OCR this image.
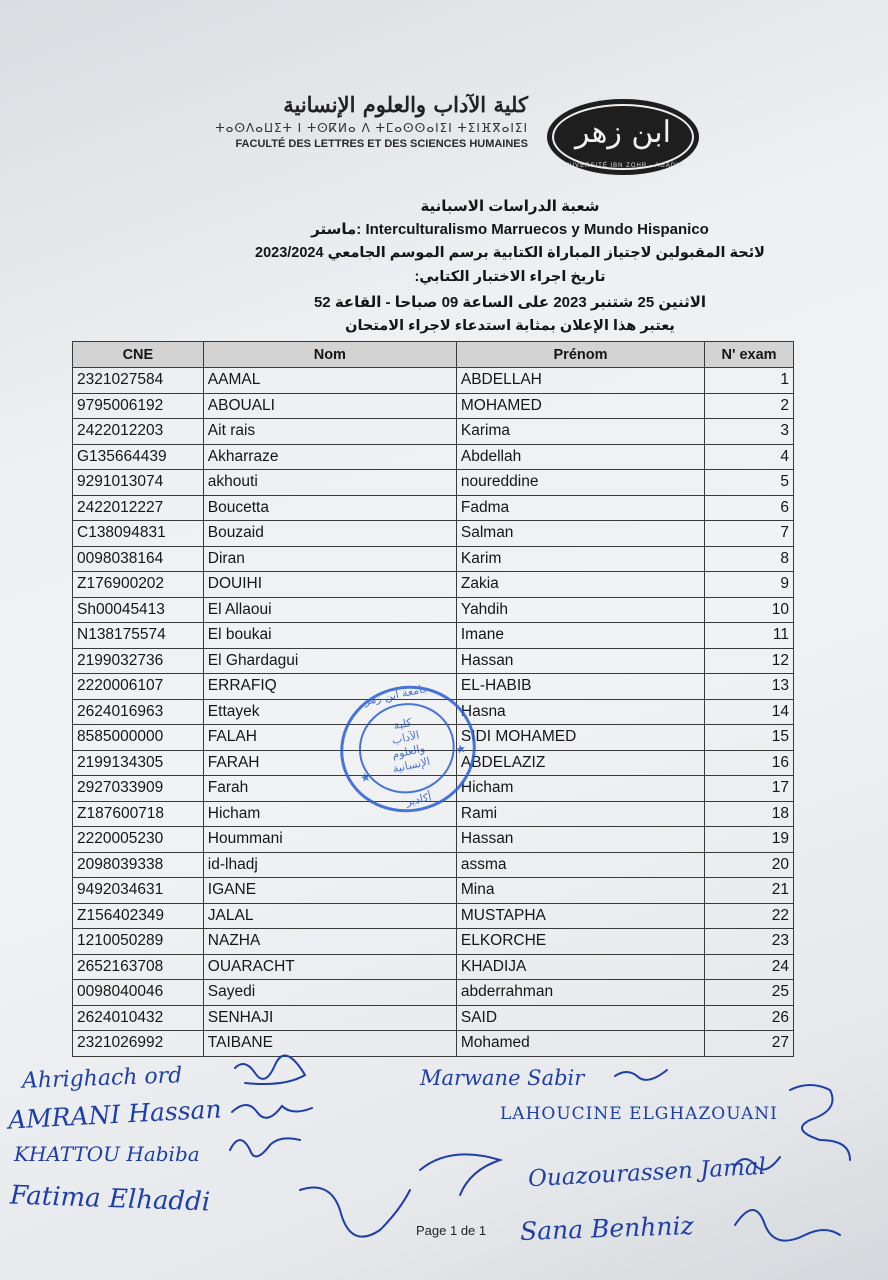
كلية الآداب والعلوم الإنسانية
ⵜⴰⵙⴷⴰⵡⵉⵜ ⵏ ⵜⵙⴽⵍⴰ ⴷ ⵜⵎⴰⵙⵙⴰⵏⵉⵏ ⵜⵉⵏⴼⴳⴰⵏⵉⵏ
FACULTÉ DES LETTRES ET DES SCIENCES HUMAINES	ابن زهر
UNIVERSITÉ IBN ZOHR - AGADIR
شعبة الدراسات الاسبانية
ماستر: Interculturalismo Marruecos y Mundo Hispanico
لائحة المقبولين لاجتياز المباراة الكتابية برسم الموسم الجامعي 2023/2024
تاريخ اجراء الاختبار الكتابي:
الاثنين 25 شتنبر 2023 على الساعة 09 صباحا - القاعة 52
يعتبر هذا الإعلان بمثابة استدعاء لاجراء الامتحان
CNE	Nom	Prénom	N' exam
2321027584	AAMAL	ABDELLAH	1
9795006192	ABOUALI	MOHAMED	2
2422012203	Ait rais	Karima	3
G135664439	Akharraze	Abdellah	4
9291013074	akhouti	noureddine	5
2422012227	Boucetta	Fadma	6
C138094831	Bouzaid	Salman	7
0098038164	Diran	Karim	8
Z176900202	DOUIHI	Zakia	9
Sh00045413	El Allaoui	Yahdih	10
N138175574	El boukai	Imane	11
2199032736	El Ghardagui	Hassan	12
2220006107	ERRAFIQ	EL-HABIB	13
2624016963	Ettayek	Hasna	14
8585000000	FALAH	SIDI MOHAMED	15
2199134305	FARAH	ABDELAZIZ	16
2927033909	Farah	Hicham	17
Z187600718	Hicham	Rami	18
2220005230	Hoummani	Hassan	19
2098039338	id-lhadj	assma	20
9492034631	IGANE	Mina	21
Z156402349	JALAL	MUSTAPHA	22
1210050289	NAZHA	ELKORCHE	23
2652163708	OUARACHT	KHADIJA	24
0098040046	Sayedi	abderrahman	25
2624010432	SENHAJI	SAID	26
2321026992	TAIBANE	Mohamed	27
جامعة ابن زهر
كلية
الآداب
والعلوم
الإنسانية
★
★
أكادير
Ahrighach ord
AMRANI Hassan
KHATTOU Habiba
Fatima Elhaddi
Marwane Sabir
LAHOUCINE ELGHAZOUANI
Ouazourassen Jamal
Sana Benhniz
Page 1 de 1
